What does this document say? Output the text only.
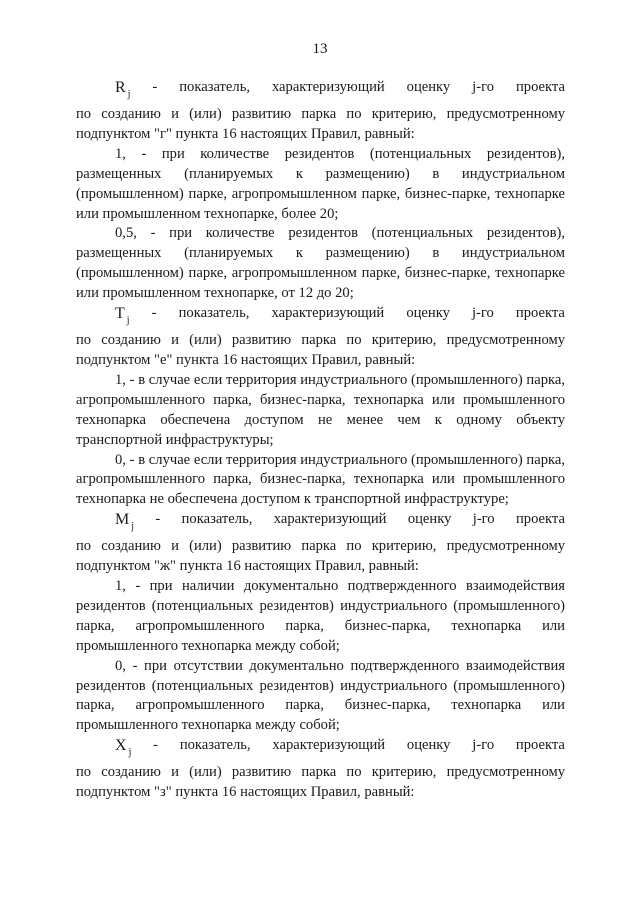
13

R $_j$ - показатель, характеризующий оценку j-го проекта

по созданию и (или) развитию парка по критерию, предусмотренному подпунктом "г" пункта 16 настоящих Правил, равный:

1, - при количестве резидентов (потенциальных резидентов), размещенных (планируемых к размещению) в индустриальном (промышленном) парке, агропромышленном парке, бизнес-парке, технопарке или промышленном технопарке, более 20;

0,5, - при количестве резидентов (потенциальных резидентов), размещенных (планируемых к размещению) в индустриальном (промышленном) парке, агропромышленном парке, бизнес-парке, технопарке или промышленном технопарке, от 12 до 20;

T $_j$ - показатель, характеризующий оценку j-го проекта

по созданию и (или) развитию парка по критерию, предусмотренному подпунктом "е" пункта 16 настоящих Правил, равный:

1, - в случае если территория индустриального (промышленного) парка, агропромышленного парка, бизнес-парка, технопарка или промышленного технопарка обеспечена доступом не менее чем к одному объекту транспортной инфраструктуры;

0, - в случае если территория индустриального (промышленного) парка, агропромышленного парка, бизнес-парка, технопарка или промышленного технопарка не обеспечена доступом к транспортной инфраструктуре;

M $_j$ - показатель, характеризующий оценку j-го проекта

по созданию и (или) развитию парка по критерию, предусмотренному подпунктом "ж" пункта 16 настоящих Правил, равный:

1, - при наличии документально подтвержденного взаимодействия резидентов (потенциальных резидентов) индустриального (промышленного) парка, агропромышленного парка, бизнес-парка, технопарка или промышленного технопарка между собой;

0, - при отсутствии документально подтвержденного взаимодействия резидентов (потенциальных резидентов) индустриального (промышленного) парка, агропромышленного парка, бизнес-парка, технопарка или промышленного технопарка между собой;

X $_j$ - показатель, характеризующий оценку j-го проекта

по созданию и (или) развитию парка по критерию, предусмотренному подпунктом "з" пункта 16 настоящих Правил, равный:
